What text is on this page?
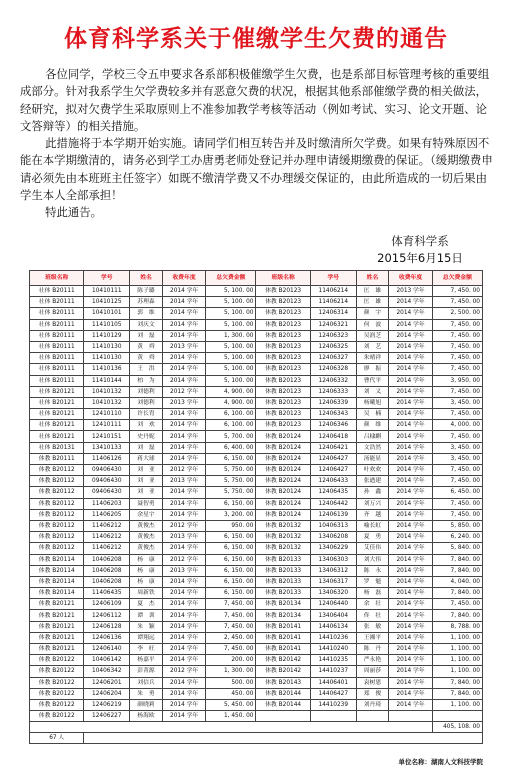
体育科学系关于催缴学生欠费的通告

各位同学，学校三令五申要求各系部积极催缴学生欠费，也是系部目标管理考核的重要组成部分。针对我系学生欠学费较多并有恶意欠费的状况，根据其他系部催缴学费的相关做法，经研究，拟对欠费学生采取原则上不准参加教学考核等活动（例如考试、实习、论文开题、论文答辩等）的相关措施。

此措施将于本学期开始实施。请同学们相互转告并及时缴清所欠学费。如果有特殊原因不能在本学期缴清的，请务必到学工办唐勇老师处登记并办理申请缓期缴费的保证。（缓期缴费申请必须先由本班班主任签字）如既不缴清学费又不办理缓交保证的，由此所造成的一切后果由学生本人全部承担！

特此通告。

体育科学系
2015年6月15日
班级名称	学号	姓名	收费年度	总欠费金额	班级名称	学号	姓名	收费年度	总欠费金额
社体 B20111	10410111	陈子璐	2014 学年	5, 100. 00	体教 B20123	11406214	匡　雄	2013 学年	7, 450. 00
社体 B20111	10410125	苏理森	2014 学年	5, 100. 00	体教 B20123	11406214	匡　雄	2014 学年	7, 450. 00
社体 B20111	10410101	郭　维	2014 学年	5, 100. 00	体教 B20123	12406314	颜　宇	2014 学年	2, 500. 00
社体 B20111	11410105	刘庆文	2014 学年	5, 100. 00	体教 B20123	12406321	何　波	2014 学年	7, 450. 00
社体 B20111	11410129	刘　磊	2014 学年	1, 300. 00	体教 B20123	12406323	吴润芝	2014 学年	7, 450. 00
社体 B20111	11410130	黄　舜	2013 学年	5, 100. 00	体教 B20123	12406325	刘　艺	2014 学年	7, 450. 00
社体 B20111	11410130	黄　舜	2014 学年	5, 100. 00	体教 B20123	12406327	朱晴祥	2014 学年	7, 450. 00
社体 B20111	11410136	王　洪	2014 学年	5, 100. 00	体教 B20123	12406328	廖　振	2014 学年	7, 450. 00
社体 B20111	11410144	柏　为	2014 学年	5, 100. 00	体教 B20123	12406332	曹代平	2014 学年	3, 950. 00
社体 B20121	10410132	刘德利	2012 学年	4, 900. 00	体教 B20123	12406333	刘　义	2014 学年	7, 450. 00
社体 B20121	10410132	刘德利	2013 学年	4, 900. 00	体教 B20123	12406339	杨曦旭	2014 学年	3, 450. 00
社体 B20121	12410110	许长胄	2014 学年	6, 100. 00	体教 B20123	12406343	吴　楠	2014 学年	7, 450. 00
社体 B20121	12410111	刘　欢	2014 学年	6, 100. 00	体教 B20123	12406346	颜　维	2014 学年	4, 000. 00
社体 B20121	12410151	史丹妮	2014 学年	5, 700. 00	体教 B20124	12406418	吕棣麒	2014 学年	7, 450. 00
社体 B20131	13410133	刘　磊	2014 学年	6, 400. 00	体教 B20124	12406421	文浩然	2014 学年	3, 450. 00
体教 B20111	11406126	蒋大球	2014 学年	6, 150. 00	体教 B20124	12406427	汤能显	2014 学年	3, 450. 00
体教 B20112	09406430	刘　亚	2012 学年	5, 750. 00	体教 B20124	12406427	叶欢欢	2014 学年	7, 450. 00
体教 B20112	09406430	刘　亚	2013 学年	5, 750. 00	体教 B20124	12406433	张遒建	2014 学年	7, 450. 00
体教 B20112	09406430	刘　亚	2014 学年	5, 750. 00	体教 B20124	12406435	孙　鑫	2014 学年	6, 450. 00
体教 B20112	11406203	聂智勇	2014 学年	6, 150. 00	体教 B20124	12406442	刘万兴	2014 学年	7, 450. 00
体教 B20112	11406205	余星宇	2014 学年	3, 200. 00	体教 B20124	12406139	齐　越	2014 学年	7, 450. 00
体教 B20112	11406212	黄俊杰	2012 学年	950. 00	体教 B20132	10406313	喻长虹	2014 学年	5, 850. 00
体教 B20112	11406212	黄俊杰	2013 学年	6, 150. 00	体教 B20132	13406208	夏　勇	2014 学年	6, 240. 00
体教 B20112	11406212	黄俊杰	2014 学年	6, 150. 00	体教 B20132	13406229	艾佳伟	2014 学年	5, 840. 00
体教 B20114	10406208	杨　康	2012 学年	6, 150. 00	体教 B20133	13406303	刘大伟	2014 学年	7, 840. 00
体教 B20114	10406208	杨　康	2013 学年	6, 150. 00	体教 B20133	13406312	陈　永	2014 学年	7, 840. 00
体教 B20114	10406208	杨　康	2014 学年	6, 150. 00	体教 B20133	13406317	罗　魁	2014 学年	4, 040. 00
体教 B20114	11406435	周新铁	2014 学年	6, 150. 00	体教 B20133	13406320	杨　磊	2014 学年	7, 840. 00
体教 B20121	12406109	夏　杰	2014 学年	7, 450. 00	体教 B20134	12406440	余　壮	2014 学年	7, 450. 00
体教 B20121	12406112	谭　训	2014 学年	7, 450. 00	体教 B20134	13406404	佟　壮	2014 学年	7, 840. 00
体教 B20121	12406128	朱　颖	2014 学年	7, 450. 00	体教 B20141	14406134	张　敏	2014 学年	8, 788. 00
体教 B20121	12406136	谭翔远	2014 学年	2, 450. 00	体教 B20141	14410236	王湘平	2014 学年	1, 100. 00
体教 B20121	12406140	李　旺	2014 学年	7, 450. 00	体教 B20141	14410240	陈　丹	2014 学年	1, 100. 00
体教 B20122	10406142	杨嘉平	2014 学年	200. 00	体教 B20142	14410235	严永艳	2014 学年	1, 100. 00
体教 B20122	10406342	彭菁源	2012 学年	1, 300. 00	体教 B20142	14410237	周丽莎	2014 学年	1, 100. 00
体教 B20122	12406201	刘信兵	2014 学年	500. 00	体教 B20143	14406401	袁树恩	2014 学年	7, 840. 00
体教 B20122	12406204	朱　勇	2014 学年	450. 00	体教 B20144	14406427	郑　俊	2014 学年	7, 840. 00
体教 B20122	12406219	颜晓莉	2014 学年	5, 450. 00	体教 B20144	14410239	刘丹琦	2014 学年	1, 100. 00
体教 B20122	12406227	杨海欧	2014 学年	1, 450. 00					
									405, 108. 00
67 人									
单位名称：湖南人文科技学院
